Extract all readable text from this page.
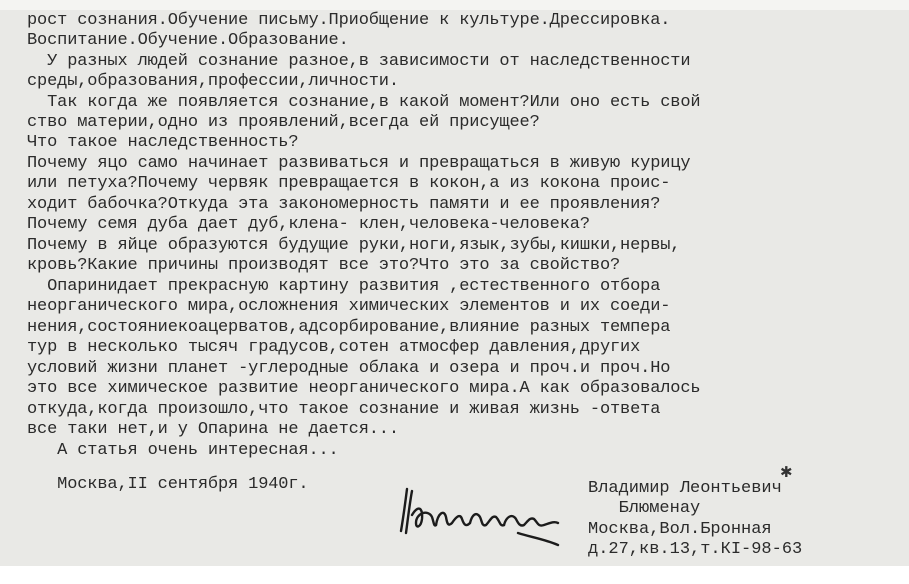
рост сознания.Обучение письму.Приобщение к культуре.Дрессировка.
Воспитание.Обучение.Образование.
У разных людей сознание разное,в зависимости от наследственности
среды,образования,профессии,личности.
Так когда же появляется сознание,в какой момент?Или оно есть свой
ство материи,одно из проявлений,всегда ей присущее?
Что такое наследственность?
Почему яцо само начинает развиваться и превращаться в живую курицу
или петуха?Почему червяк превращается в кокон,а из кокона проис-
ходит бабочка?Откуда эта закономерность памяти и ее проявления?
Почему семя дуба дает дуб,клена- клен,человека-человека?
Почему в яйце образуются будущие руки,ноги,язык,зубы,кишки,нервы,
кровь?Какие причины производят все это?Что это за свойство?
Опаринидает прекрасную картину развития ,естественного отбора
неорганического мира,осложнения химических элементов и их соеди-
нения,состояниекоацерватов,адсорбирование,влияние разных темпера
тур в несколько тысяч градусов,сотен атмосфер давления,других
условий жизни планет -углеродные облака и озера и проч.и проч.Но
это все химическое развитие неорганического мира.А как образовалось
откуда,когда произошло,что такое сознание и живая жизнь -ответа
все таки нет,и у Опарина не дается...
А статья очень интересная...
Москва,II сентября 1940г.
✱
Владимир Леонтьевич
Блюменау
Москва,Вол.Бронная
д.27,кв.13,т.КI-98-63
